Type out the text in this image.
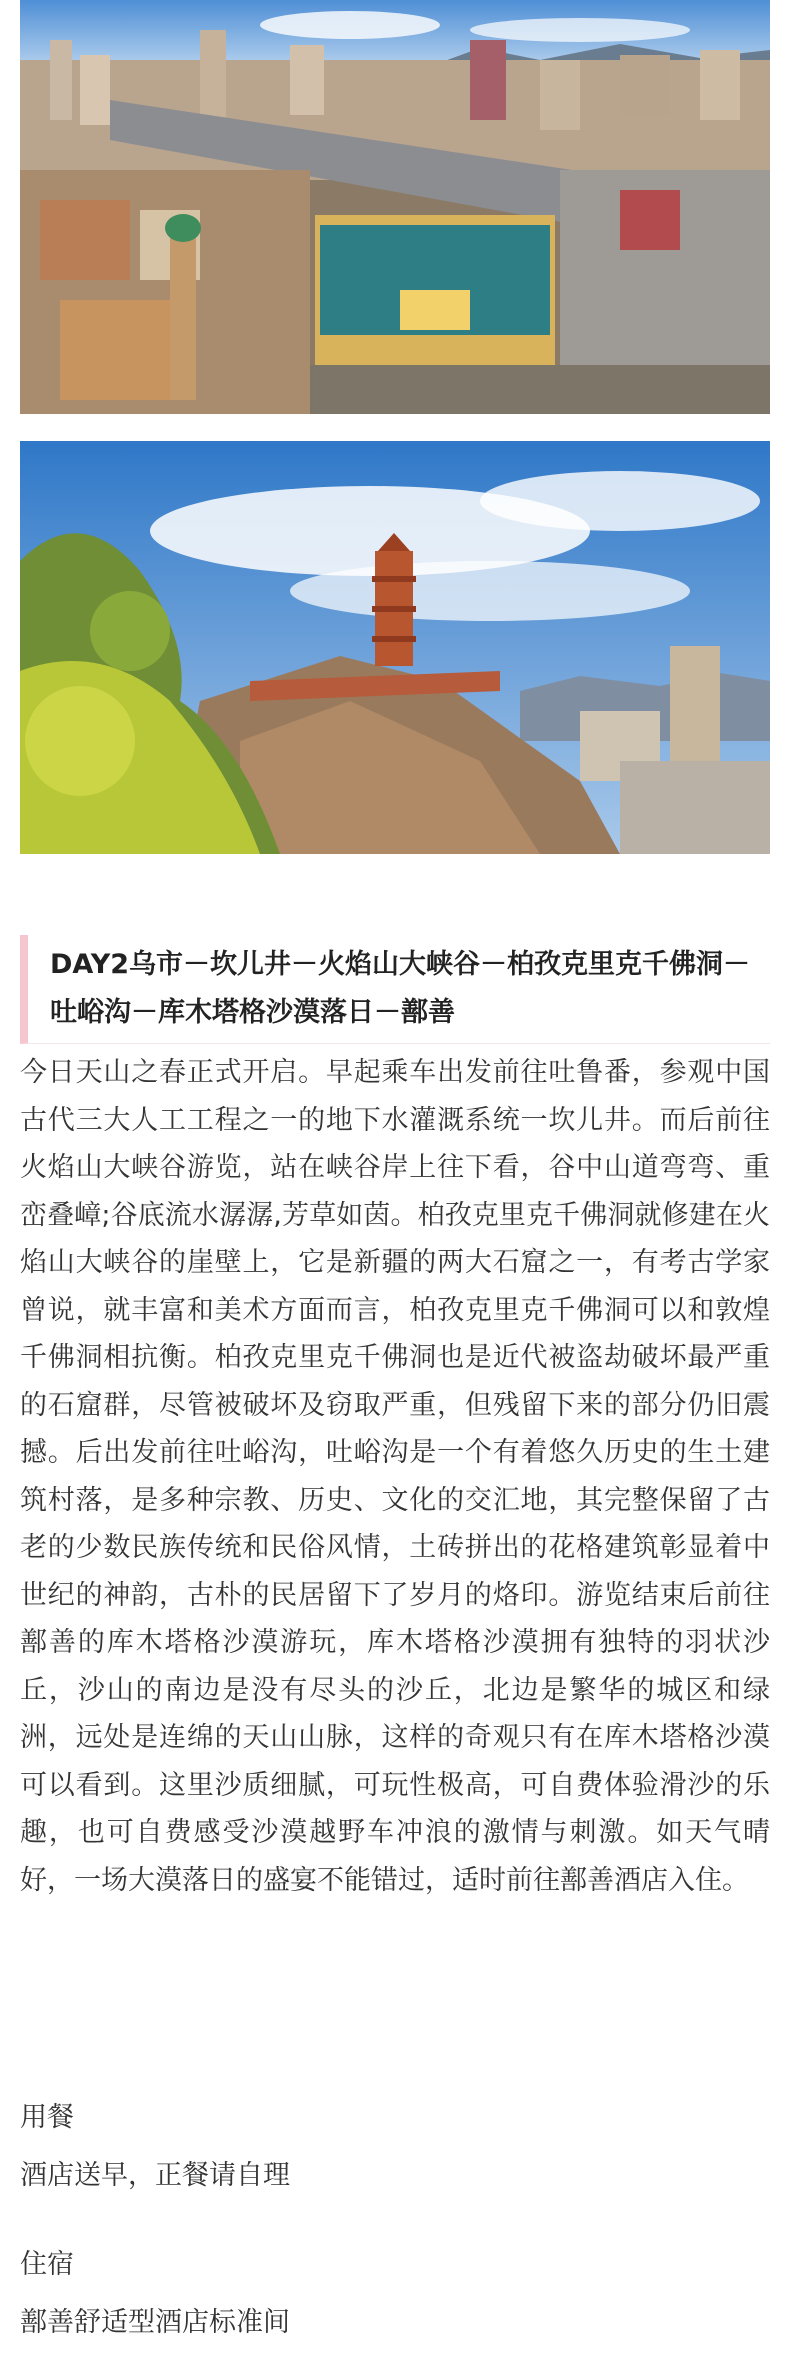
DAY2乌市－坎儿井－火焰山大峡谷－柏孜克里克千佛洞－吐峪沟－库木塔格沙漠落日－鄯善
今日天山之春正式开启。早起乘车出发前往吐鲁番，参观中国古代三大人工工程之一的地下水灌溉系统一坎儿井。而后前往火焰山大峡谷游览，站在峡谷岸上往下看，谷中山道弯弯、重峦叠嶂;谷底流水潺潺,芳草如茵。柏孜克里克千佛洞就修建在火焰山大峡谷的崖壁上，它是新疆的两大石窟之一，有考古学家曾说，就丰富和美术方面而言，柏孜克里克千佛洞可以和敦煌千佛洞相抗衡。柏孜克里克千佛洞也是近代被盗劫破坏最严重的石窟群，尽管被破坏及窃取严重，但残留下来的部分仍旧震撼。后出发前往吐峪沟，吐峪沟是一个有着悠久历史的生土建筑村落，是多种宗教、历史、文化的交汇地，其完整保留了古老的少数民族传统和民俗风情，土砖拼出的花格建筑彰显着中世纪的神韵，古朴的民居留下了岁月的烙印。游览结束后前往鄯善的库木塔格沙漠游玩，库木塔格沙漠拥有独特的羽状沙丘，沙山的南边是没有尽头的沙丘，北边是繁华的城区和绿洲，远处是连绵的天山山脉，这样的奇观只有在库木塔格沙漠可以看到。这里沙质细腻，可玩性极高，可自费体验滑沙的乐趣，也可自费感受沙漠越野车冲浪的激情与刺激。如天气晴好，一场大漠落日的盛宴不能错过，适时前往鄯善酒店入住。
用餐
酒店送早，正餐请自理
住宿
鄯善舒适型酒店标准间
